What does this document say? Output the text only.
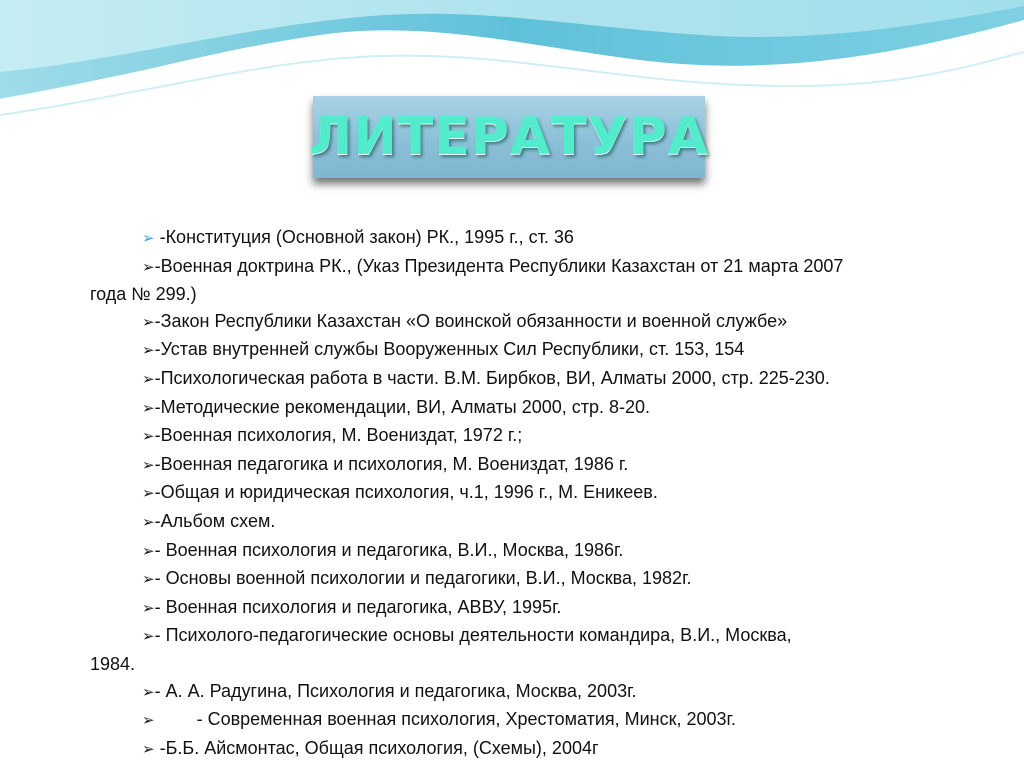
ЛИТЕРАТУРА
➢ -Конституция (Основной закон) РК., 1995 г., ст. 36
➢-Военная доктрина РК., (Указ Президента Республики Казахстан от 21 марта 2007
года № 299.)
➢-Закон Республики Казахстан «О воинской обязанности и военной службе»
➢-Устав внутренней службы Вооруженных Сил Республики, ст. 153, 154
➢-Психологическая работа в части. В.М. Бирбков, ВИ, Алматы 2000, стр. 225-230.
➢-Методические рекомендации, ВИ, Алматы 2000, стр. 8-20.
➢-Военная психология, М. Воениздат, 1972 г.;
➢-Военная педагогика и психология, М. Воениздат, 1986 г.
➢-Общая и юридическая психология, ч.1, 1996 г., М. Еникеев.
➢-Альбом схем.
➢- Военная психология и педагогика, В.И., Москва, 1986г.
➢- Основы военной психологии и педагогики, В.И., Москва, 1982г.
➢- Военная психология и педагогика, АВВУ, 1995г.
➢- Психолого-педагогические основы деятельности командира, В.И., Москва,
1984.
➢- А. А. Радугина, Психология и педагогика, Москва, 2003г.
➢ - Современная военная психология, Хрестоматия, Минск, 2003г.
➢ -Б.Б. Айсмонтас, Общая психология, (Схемы), 2004г
